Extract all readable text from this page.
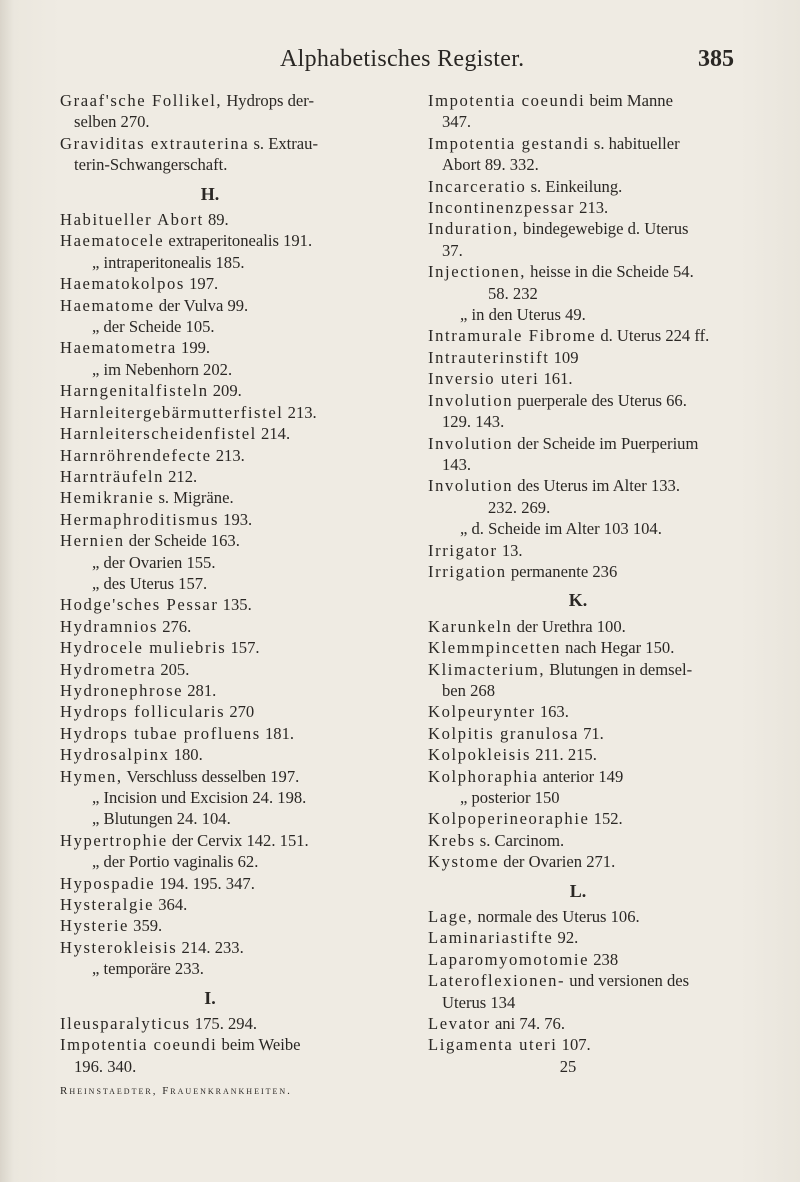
Alphabetisches Register.	385
Graaf'sche Follikel, Hydrops der-
selben 270.
Graviditas extrauterina s. Extrau-
terin-Schwangerschaft.
H.
Habitueller Abort 89.
Haematocele extraperitonealis 191.
„ intraperitonealis 185.
Haematokolpos 197.
Haematome der Vulva 99.
„ der Scheide 105.
Haematometra 199.
„ im Nebenhorn 202.
Harngenitalfisteln 209.
Harnleitergebärmutterfistel 213.
Harnleiterscheidenfistel 214.
Harnröhrendefecte 213.
Harnträufeln 212.
Hemikranie s. Migräne.
Hermaphroditismus 193.
Hernien der Scheide 163.
„ der Ovarien 155.
„ des Uterus 157.
Hodge'sches Pessar 135.
Hydramnios 276.
Hydrocele muliebris 157.
Hydrometra 205.
Hydronephrose 281.
Hydrops follicularis 270
Hydrops tubae profluens 181.
Hydrosalpinx 180.
Hymen, Verschluss desselben 197.
„ Incision und Excision 24. 198.
„ Blutungen 24. 104.
Hypertrophie der Cervix 142. 151.
„ der Portio vaginalis 62.
Hypospadie 194. 195. 347.
Hysteralgie 364.
Hysterie 359.
Hysterokleisis 214. 233.
„ temporäre 233.
I.
Ileusparalyticus 175. 294.
Impotentia coeundi beim Weibe
196. 340.
Rheinstaedter, Frauenkrankheiten.
Impotentia coeundi beim Manne
347.
Impotentia gestandi s. habitueller
Abort 89. 332.
Incarceratio s. Einkeilung.
Incontinenzpessar 213.
Induration, bindegewebige d. Uterus
37.
Injectionen, heisse in die Scheide 54.
58. 232
„ in den Uterus 49.
Intramurale Fibrome d. Uterus 224 ff.
Intrauterinstift 109
Inversio uteri 161.
Involution puerperale des Uterus 66.
129. 143.
Involution der Scheide im Puerperium
143.
Involution des Uterus im Alter 133.
232. 269.
„ d. Scheide im Alter 103 104.
Irrigator 13.
Irrigation permanente 236
K.
Karunkeln der Urethra 100.
Klemmpincetten nach Hegar 150.
Klimacterium, Blutungen in demsel-
ben 268
Kolpeurynter 163.
Kolpitis granulosa 71.
Kolpokleisis 211. 215.
Kolphoraphia anterior 149
„ posterior 150
Kolpoperineoraphie 152.
Krebs s. Carcinom.
Kystome der Ovarien 271.
L.
Lage, normale des Uterus 106.
Laminariastifte 92.
Laparomyomotomie 238
Lateroflexionen- und versionen des
Uterus 134
Levator ani 74. 76.
Ligamenta uteri 107.
25
